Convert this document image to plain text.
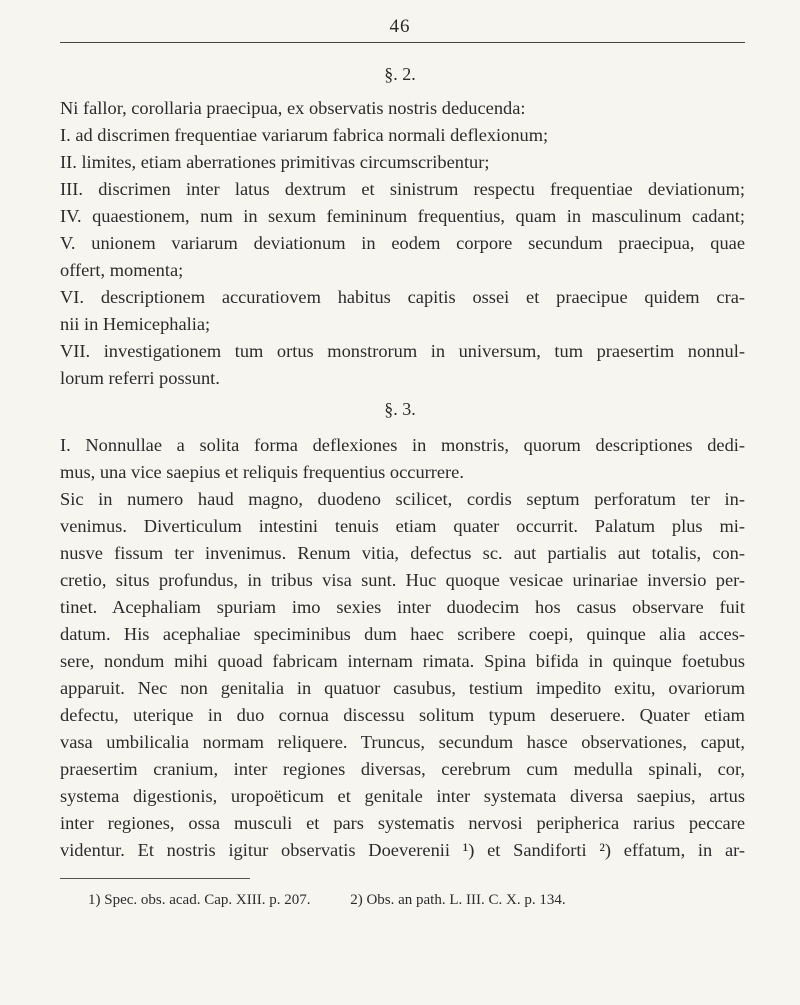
46
§. 2.
Ni fallor, corollaria praecipua, ex observatis nostris deducenda:
I. ad discrimen frequentiae variarum fabrica normali deflexionum;
II. limites, etiam aberrationes primitivas circumscribentur;
III. discrimen inter latus dextrum et sinistrum respectu frequentiae deviationum;
IV. quaestionem, num in sexum femininum frequentius, quam in masculinum cadant;
V. unionem variarum deviationum in eodem corpore secundum praecipua, quae
offert, momenta;
VI. descriptionem accuratiovem habitus capitis ossei et praecipue quidem cra-
nii in Hemicephalia;
VII. investigationem tum ortus monstrorum in universum, tum praesertim nonnul-
lorum referri possunt.
§. 3.
I. Nonnullae a solita forma deflexiones in monstris, quorum descriptiones dedi-
mus, una vice saepius et reliquis frequentius occurrere.
Sic in numero haud magno, duodeno scilicet, cordis septum perforatum ter in-
venimus. Diverticulum intestini tenuis etiam quater occurrit. Palatum plus mi-
nusve fissum ter invenimus. Renum vitia, defectus sc. aut partialis aut totalis, con-
cretio, situs profundus, in tribus visa sunt. Huc quoque vesicae urinariae inversio per-
tinet. Acephaliam spuriam imo sexies inter duodecim hos casus observare fuit
datum. His acephaliae speciminibus dum haec scribere coepi, quinque alia acces-
sere, nondum mihi quoad fabricam internam rimata. Spina bifida in quinque foetubus
apparuit. Nec non genitalia in quatuor casubus, testium impedito exitu, ovariorum
defectu, uterique in duo cornua discessu solitum typum deseruere. Quater etiam
vasa umbilicalia normam reliquere. Truncus, secundum hasce observationes, caput,
praesertim cranium, inter regiones diversas, cerebrum cum medulla spinali, cor,
systema digestionis, uropoëticum et genitale inter systemata diversa saepius, artus
inter regiones, ossa musculi et pars systematis nervosi peripherica rarius peccare
videntur. Et nostris igitur observatis Doeverenii ¹) et Sandiforti ²) effatum, in ar-
1) Spec. obs. acad. Cap. XIII. p. 207.	2) Obs. an path. L. III. C. X. p. 134.
